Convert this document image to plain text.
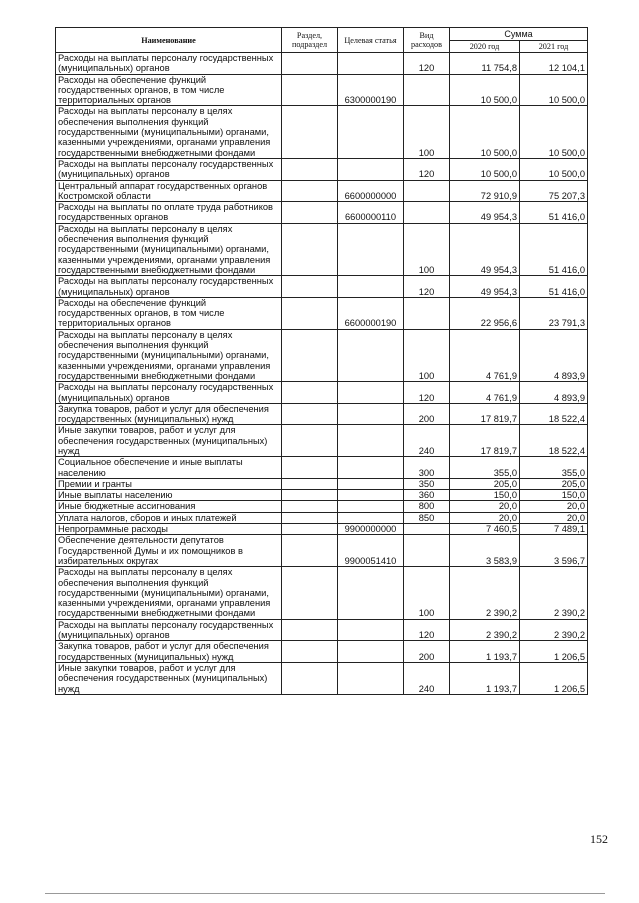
Наименование	Раздел, подраздел	Целевая статья	Вид расходов	Сумма	
				2020 год	2021 год
Расходы на выплаты персоналу государственных (муниципальных) органов			120	11 754,8	12 104,1
Расходы на обеспечение функций государственных органов, в том числе территориальных органов		6300000190		10 500,0	10 500,0
Расходы на выплаты персоналу в целях обеспечения выполнения функций государственными (муниципальными) органами, казенными учреждениями, органами управления государственными внебюджетными фондами			100	10 500,0	10 500,0
Расходы на выплаты персоналу государственных (муниципальных) органов			120	10 500,0	10 500,0
Центральный аппарат государственных органов Костромской области		6600000000		72 910,9	75 207,3
Расходы на выплаты по оплате труда работников государственных органов		6600000110		49 954,3	51 416,0
Расходы на выплаты персоналу в целях обеспечения выполнения функций государственными (муниципальными) органами, казенными учреждениями, органами управления государственными внебюджетными фондами			100	49 954,3	51 416,0
Расходы на выплаты персоналу государственных (муниципальных) органов			120	49 954,3	51 416,0
Расходы на обеспечение функций государственных органов, в том числе территориальных органов		6600000190		22 956,6	23 791,3
Расходы на выплаты персоналу в целях обеспечения выполнения функций государственными (муниципальными) органами, казенными учреждениями, органами управления государственными внебюджетными фондами			100	4 761,9	4 893,9
Расходы на выплаты персоналу государственных (муниципальных) органов			120	4 761,9	4 893,9
Закупка товаров, работ и услуг для обеспечения государственных (муниципальных) нужд			200	17 819,7	18 522,4
Иные закупки товаров, работ и услуг для обеспечения государственных (муниципальных) нужд			240	17 819,7	18 522,4
Социальное обеспечение и иные выплаты населению			300	355,0	355,0
Премии и гранты			350	205,0	205,0
Иные выплаты населению			360	150,0	150,0
Иные бюджетные ассигнования			800	20,0	20,0
Уплата налогов, сборов и иных платежей			850	20,0	20,0
Непрограммные расходы		9900000000		7 460,5	7 489,1
Обеспечение деятельности депутатов Государственной Думы и их помощников в избирательных округах		9900051410		3 583,9	3 596,7
Расходы на выплаты персоналу в целях обеспечения выполнения функций государственными (муниципальными) органами, казенными учреждениями, органами управления государственными внебюджетными фондами			100	2 390,2	2 390,2
Расходы на выплаты персоналу государственных (муниципальных) органов			120	2 390,2	2 390,2
Закупка товаров, работ и услуг для обеспечения государственных (муниципальных) нужд			200	1 193,7	1 206,5
Иные закупки товаров, работ и услуг для обеспечения государственных (муниципальных) нужд			240	1 193,7	1 206,5
152
